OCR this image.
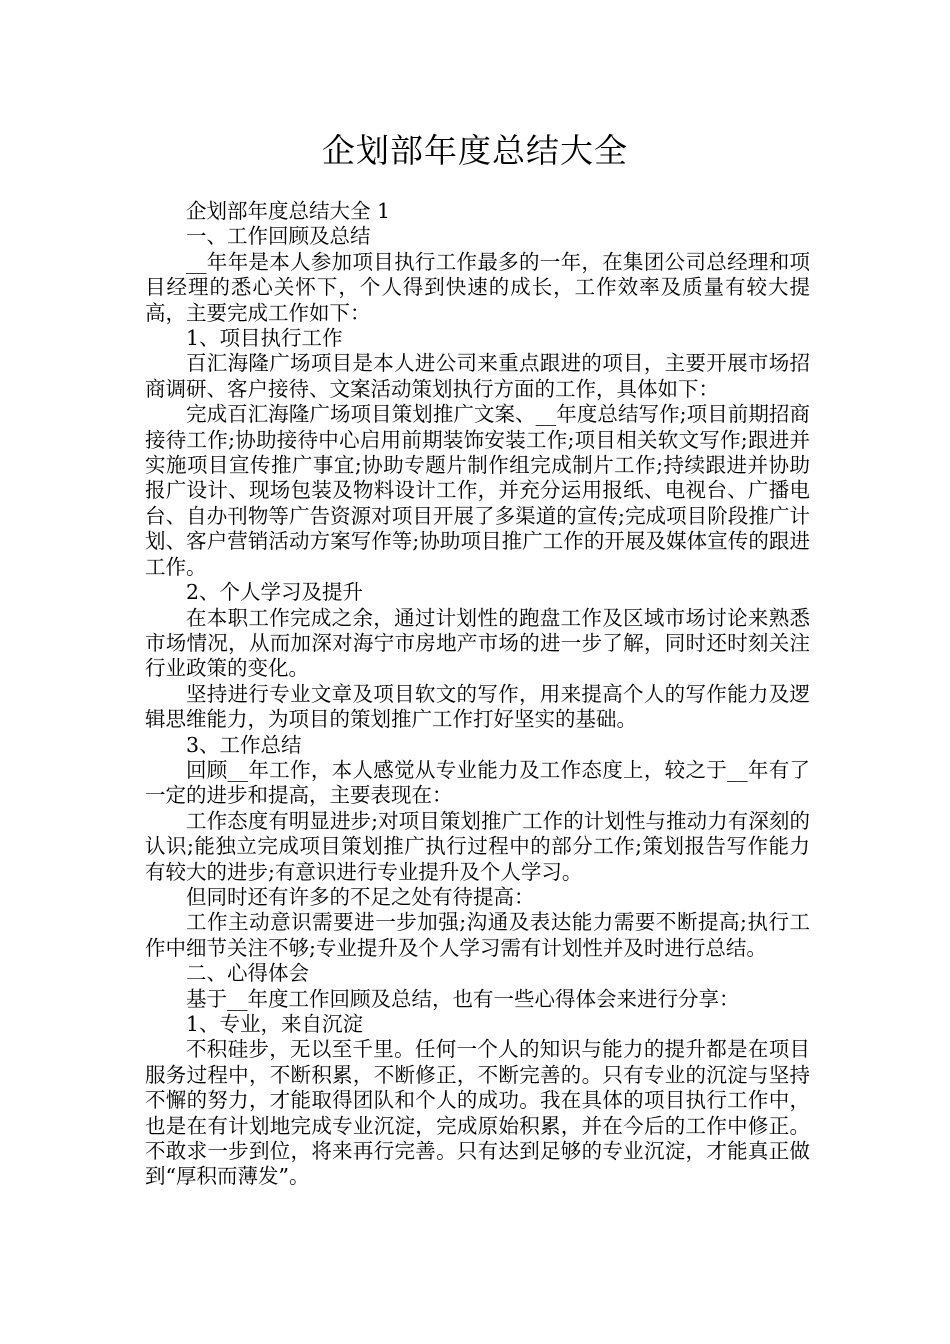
企划部年度总结大全

企划部年度总结大全 1

一、工作回顾及总结

__年年是本人参加项目执行工作最多的一年，在集团公司总经理和项目经理的悉心关怀下，个人得到快速的成长，工作效率及质量有较大提高，主要完成工作如下：

1、项目执行工作

百汇海隆广场项目是本人进公司来重点跟进的项目，主要开展市场招商调研、客户接待、文案活动策划执行方面的工作，具体如下：

完成百汇海隆广场项目策划推广文案、__年度总结写作;项目前期招商接待工作;协助接待中心启用前期装饰安装工作;项目相关软文写作;跟进并实施项目宣传推广事宜;协助专题片制作组完成制片工作;持续跟进并协助报广设计、现场包装及物料设计工作，并充分运用报纸、电视台、广播电台、自办刊物等广告资源对项目开展了多渠道的宣传;完成项目阶段推广计划、客户营销活动方案写作等;协助项目推广工作的开展及媒体宣传的跟进工作。

2、个人学习及提升

在本职工作完成之余，通过计划性的跑盘工作及区域市场讨论来熟悉市场情况，从而加深对海宁市房地产市场的进一步了解，同时还时刻关注行业政策的变化。

坚持进行专业文章及项目软文的写作，用来提高个人的写作能力及逻辑思维能力，为项目的策划推广工作打好坚实的基础。

3、工作总结

回顾__年工作，本人感觉从专业能力及工作态度上，较之于__年有了一定的进步和提高，主要表现在：

工作态度有明显进步;对项目策划推广工作的计划性与推动力有深刻的认识;能独立完成项目策划推广执行过程中的部分工作;策划报告写作能力有较大的进步;有意识进行专业提升及个人学习。

但同时还有许多的不足之处有待提高：

工作主动意识需要进一步加强;沟通及表达能力需要不断提高;执行工作中细节关注不够;专业提升及个人学习需有计划性并及时进行总结。

二、心得体会

基于__年度工作回顾及总结，也有一些心得体会来进行分享：

1、专业，来自沉淀

不积硅步，无以至千里。任何一个人的知识与能力的提升都是在项目服务过程中，不断积累，不断修正，不断完善的。只有专业的沉淀与坚持不懈的努力，才能取得团队和个人的成功。我在具体的项目执行工作中，也是在有计划地完成专业沉淀，完成原始积累，并在今后的工作中修正。不敢求一步到位，将来再行完善。只有达到足够的专业沉淀，才能真正做到“厚积而薄发”。
